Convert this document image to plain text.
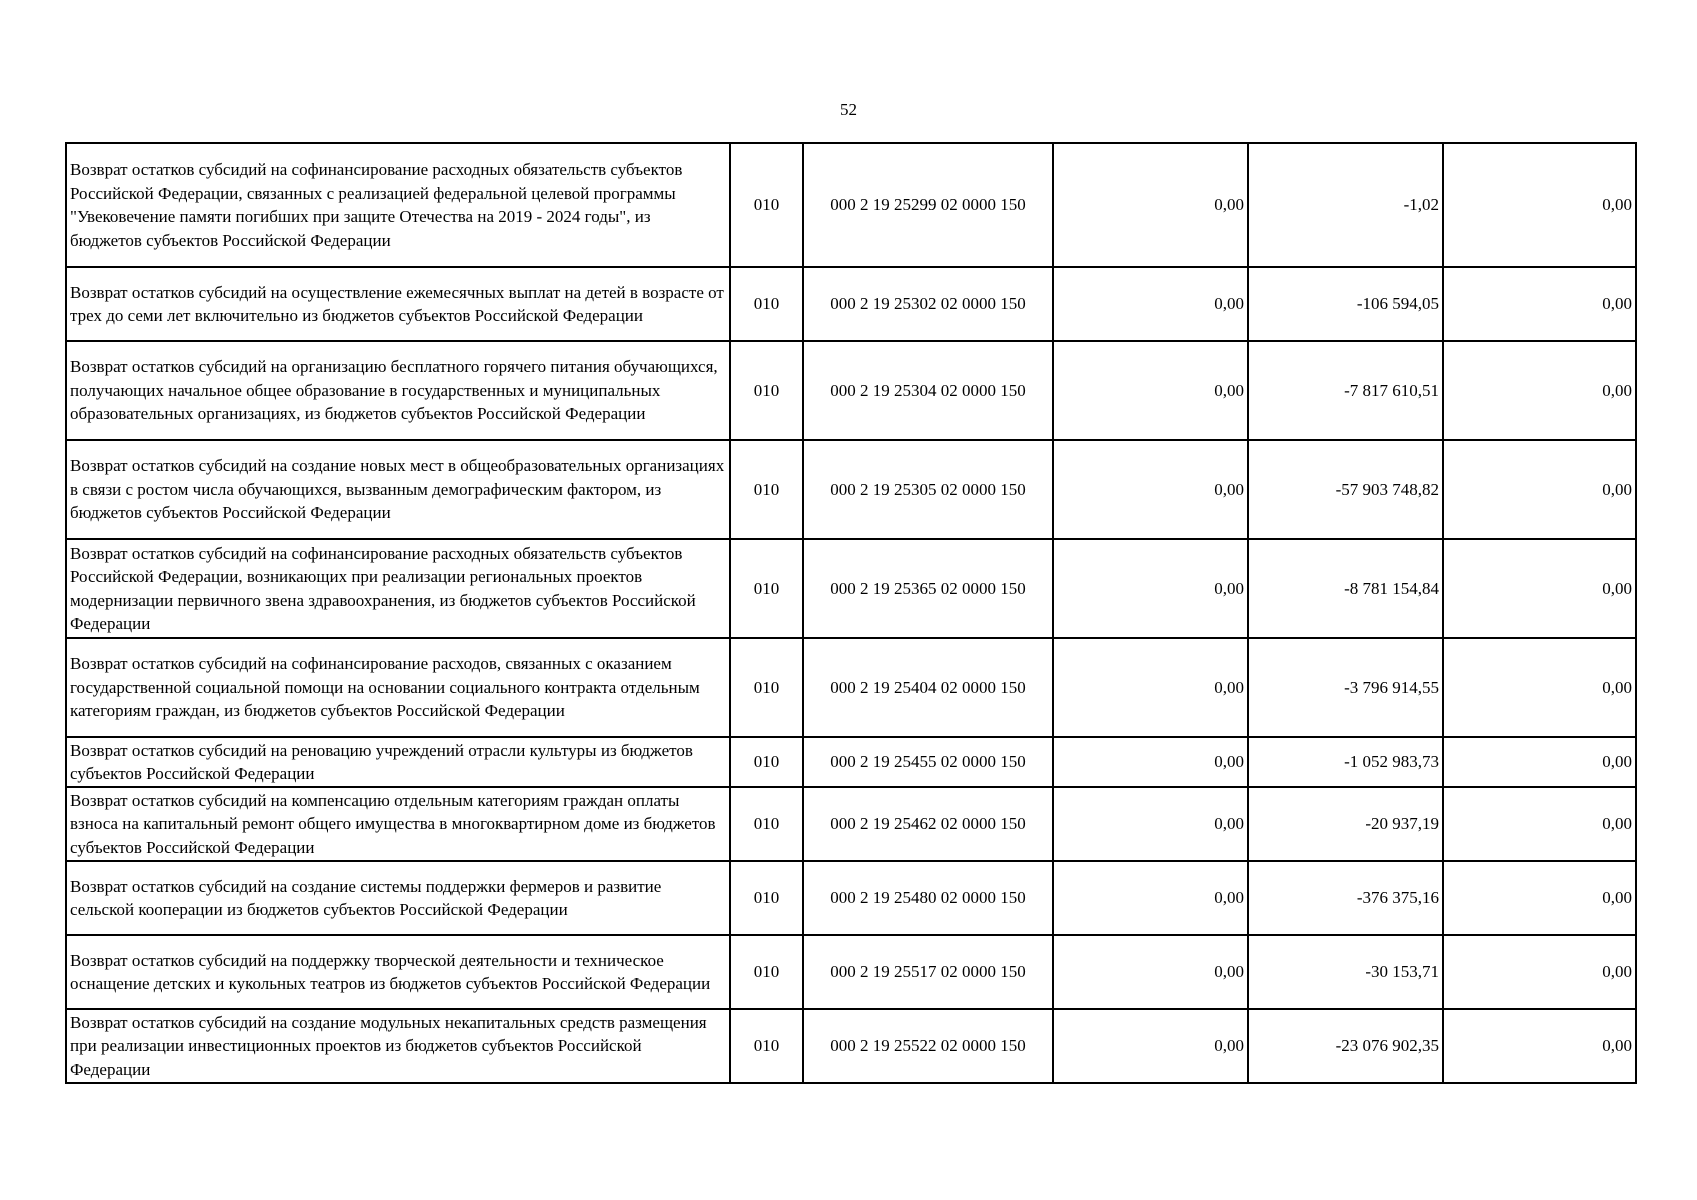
52
Возврат остатков субсидий на софинансирование расходных обязательств субъектов Российской Федерации, связанных с реализацией федеральной целевой программы "Увековечение памяти погибших при защите Отечества на 2019 - 2024 годы", из бюджетов субъектов Российской Федерации	010	000 2 19 25299 02 0000 150	0,00	-1,02	0,00
Возврат остатков субсидий на осуществление ежемесячных выплат на детей в возрасте от трех до семи лет включительно из бюджетов субъектов Российской Федерации	010	000 2 19 25302 02 0000 150	0,00	-106 594,05	0,00
Возврат остатков субсидий на организацию бесплатного горячего питания обучающихся, получающих начальное общее образование в государственных и муниципальных образовательных организациях, из бюджетов субъектов Российской Федерации	010	000 2 19 25304 02 0000 150	0,00	-7 817 610,51	0,00
Возврат остатков субсидий на создание новых мест в общеобразовательных организациях в связи с ростом числа обучающихся, вызванным демографическим фактором, из бюджетов субъектов Российской Федерации	010	000 2 19 25305 02 0000 150	0,00	-57 903 748,82	0,00
Возврат остатков субсидий на софинансирование расходных обязательств субъектов Российской Федерации, возникающих при реализации региональных проектов модернизации первичного звена здравоохранения, из бюджетов субъектов Российской Федерации	010	000 2 19 25365 02 0000 150	0,00	-8 781 154,84	0,00
Возврат остатков субсидий на софинансирование расходов, связанных с оказанием государственной социальной помощи на основании социального контракта отдельным категориям граждан, из бюджетов субъектов Российской Федерации	010	000 2 19 25404 02 0000 150	0,00	-3 796 914,55	0,00
Возврат остатков субсидий на реновацию учреждений отрасли культуры из бюджетов субъектов Российской Федерации	010	000 2 19 25455 02 0000 150	0,00	-1 052 983,73	0,00
Возврат остатков субсидий на компенсацию отдельным категориям граждан оплаты взноса на капитальный ремонт общего имущества в многоквартирном доме из бюджетов субъектов Российской Федерации	010	000 2 19 25462 02 0000 150	0,00	-20 937,19	0,00
Возврат остатков субсидий на создание системы поддержки фермеров и развитие сельской кооперации из бюджетов субъектов Российской Федерации	010	000 2 19 25480 02 0000 150	0,00	-376 375,16	0,00
Возврат остатков субсидий на поддержку творческой деятельности и техническое оснащение детских и кукольных театров из бюджетов субъектов Российской Федерации	010	000 2 19 25517 02 0000 150	0,00	-30 153,71	0,00
Возврат остатков субсидий на создание модульных некапитальных средств размещения при реализации инвестиционных проектов из бюджетов субъектов Российской Федерации	010	000 2 19 25522 02 0000 150	0,00	-23 076 902,35	0,00
